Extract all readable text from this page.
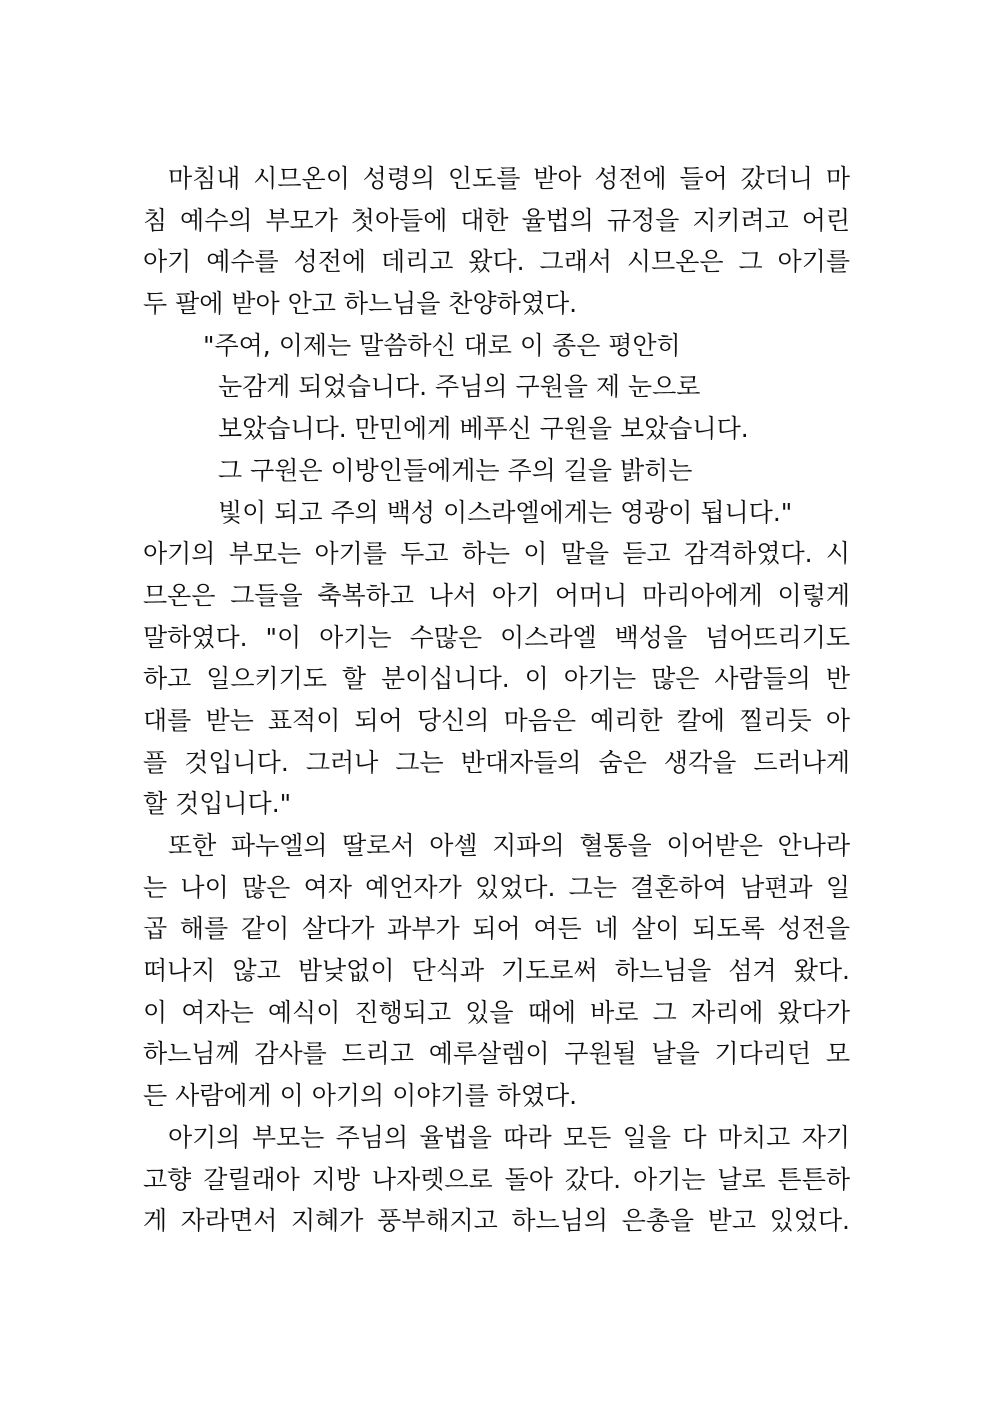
마침내 시므온이 성령의 인도를 받아 성전에 들어 갔더니 마
침 예수의 부모가 첫아들에 대한 율법의 규정을 지키려고 어린
아기 예수를 성전에 데리고 왔다. 그래서 시므온은 그 아기를
두 팔에 받아 안고 하느님을 찬양하였다.
"주여, 이제는 말씀하신 대로 이 종은 평안히
눈감게 되었습니다. 주님의 구원을 제 눈으로
보았습니다. 만민에게 베푸신 구원을 보았습니다.
그 구원은 이방인들에게는 주의 길을 밝히는
빛이 되고 주의 백성 이스라엘에게는 영광이 됩니다."
아기의 부모는 아기를 두고 하는 이 말을 듣고 감격하였다. 시
므온은 그들을 축복하고 나서 아기 어머니 마리아에게 이렇게
말하였다. "이 아기는 수많은 이스라엘 백성을 넘어뜨리기도
하고 일으키기도 할 분이십니다. 이 아기는 많은 사람들의 반
대를 받는 표적이 되어 당신의 마음은 예리한 칼에 찔리듯 아
플 것입니다. 그러나 그는 반대자들의 숨은 생각을 드러나게
할 것입니다."
또한 파누엘의 딸로서 아셀 지파의 혈통을 이어받은 안나라
는 나이 많은 여자 예언자가 있었다. 그는 결혼하여 남편과 일
곱 해를 같이 살다가 과부가 되어 여든 네 살이 되도록 성전을
떠나지 않고 밤낮없이 단식과 기도로써 하느님을 섬겨 왔다.
이 여자는 예식이 진행되고 있을 때에 바로 그 자리에 왔다가
하느님께 감사를 드리고 예루살렘이 구원될 날을 기다리던 모
든 사람에게 이 아기의 이야기를 하였다.
아기의 부모는 주님의 율법을 따라 모든 일을 다 마치고 자기
고향 갈릴래아 지방 나자렛으로 돌아 갔다. 아기는 날로 튼튼하
게 자라면서 지혜가 풍부해지고 하느님의 은총을 받고 있었다.
